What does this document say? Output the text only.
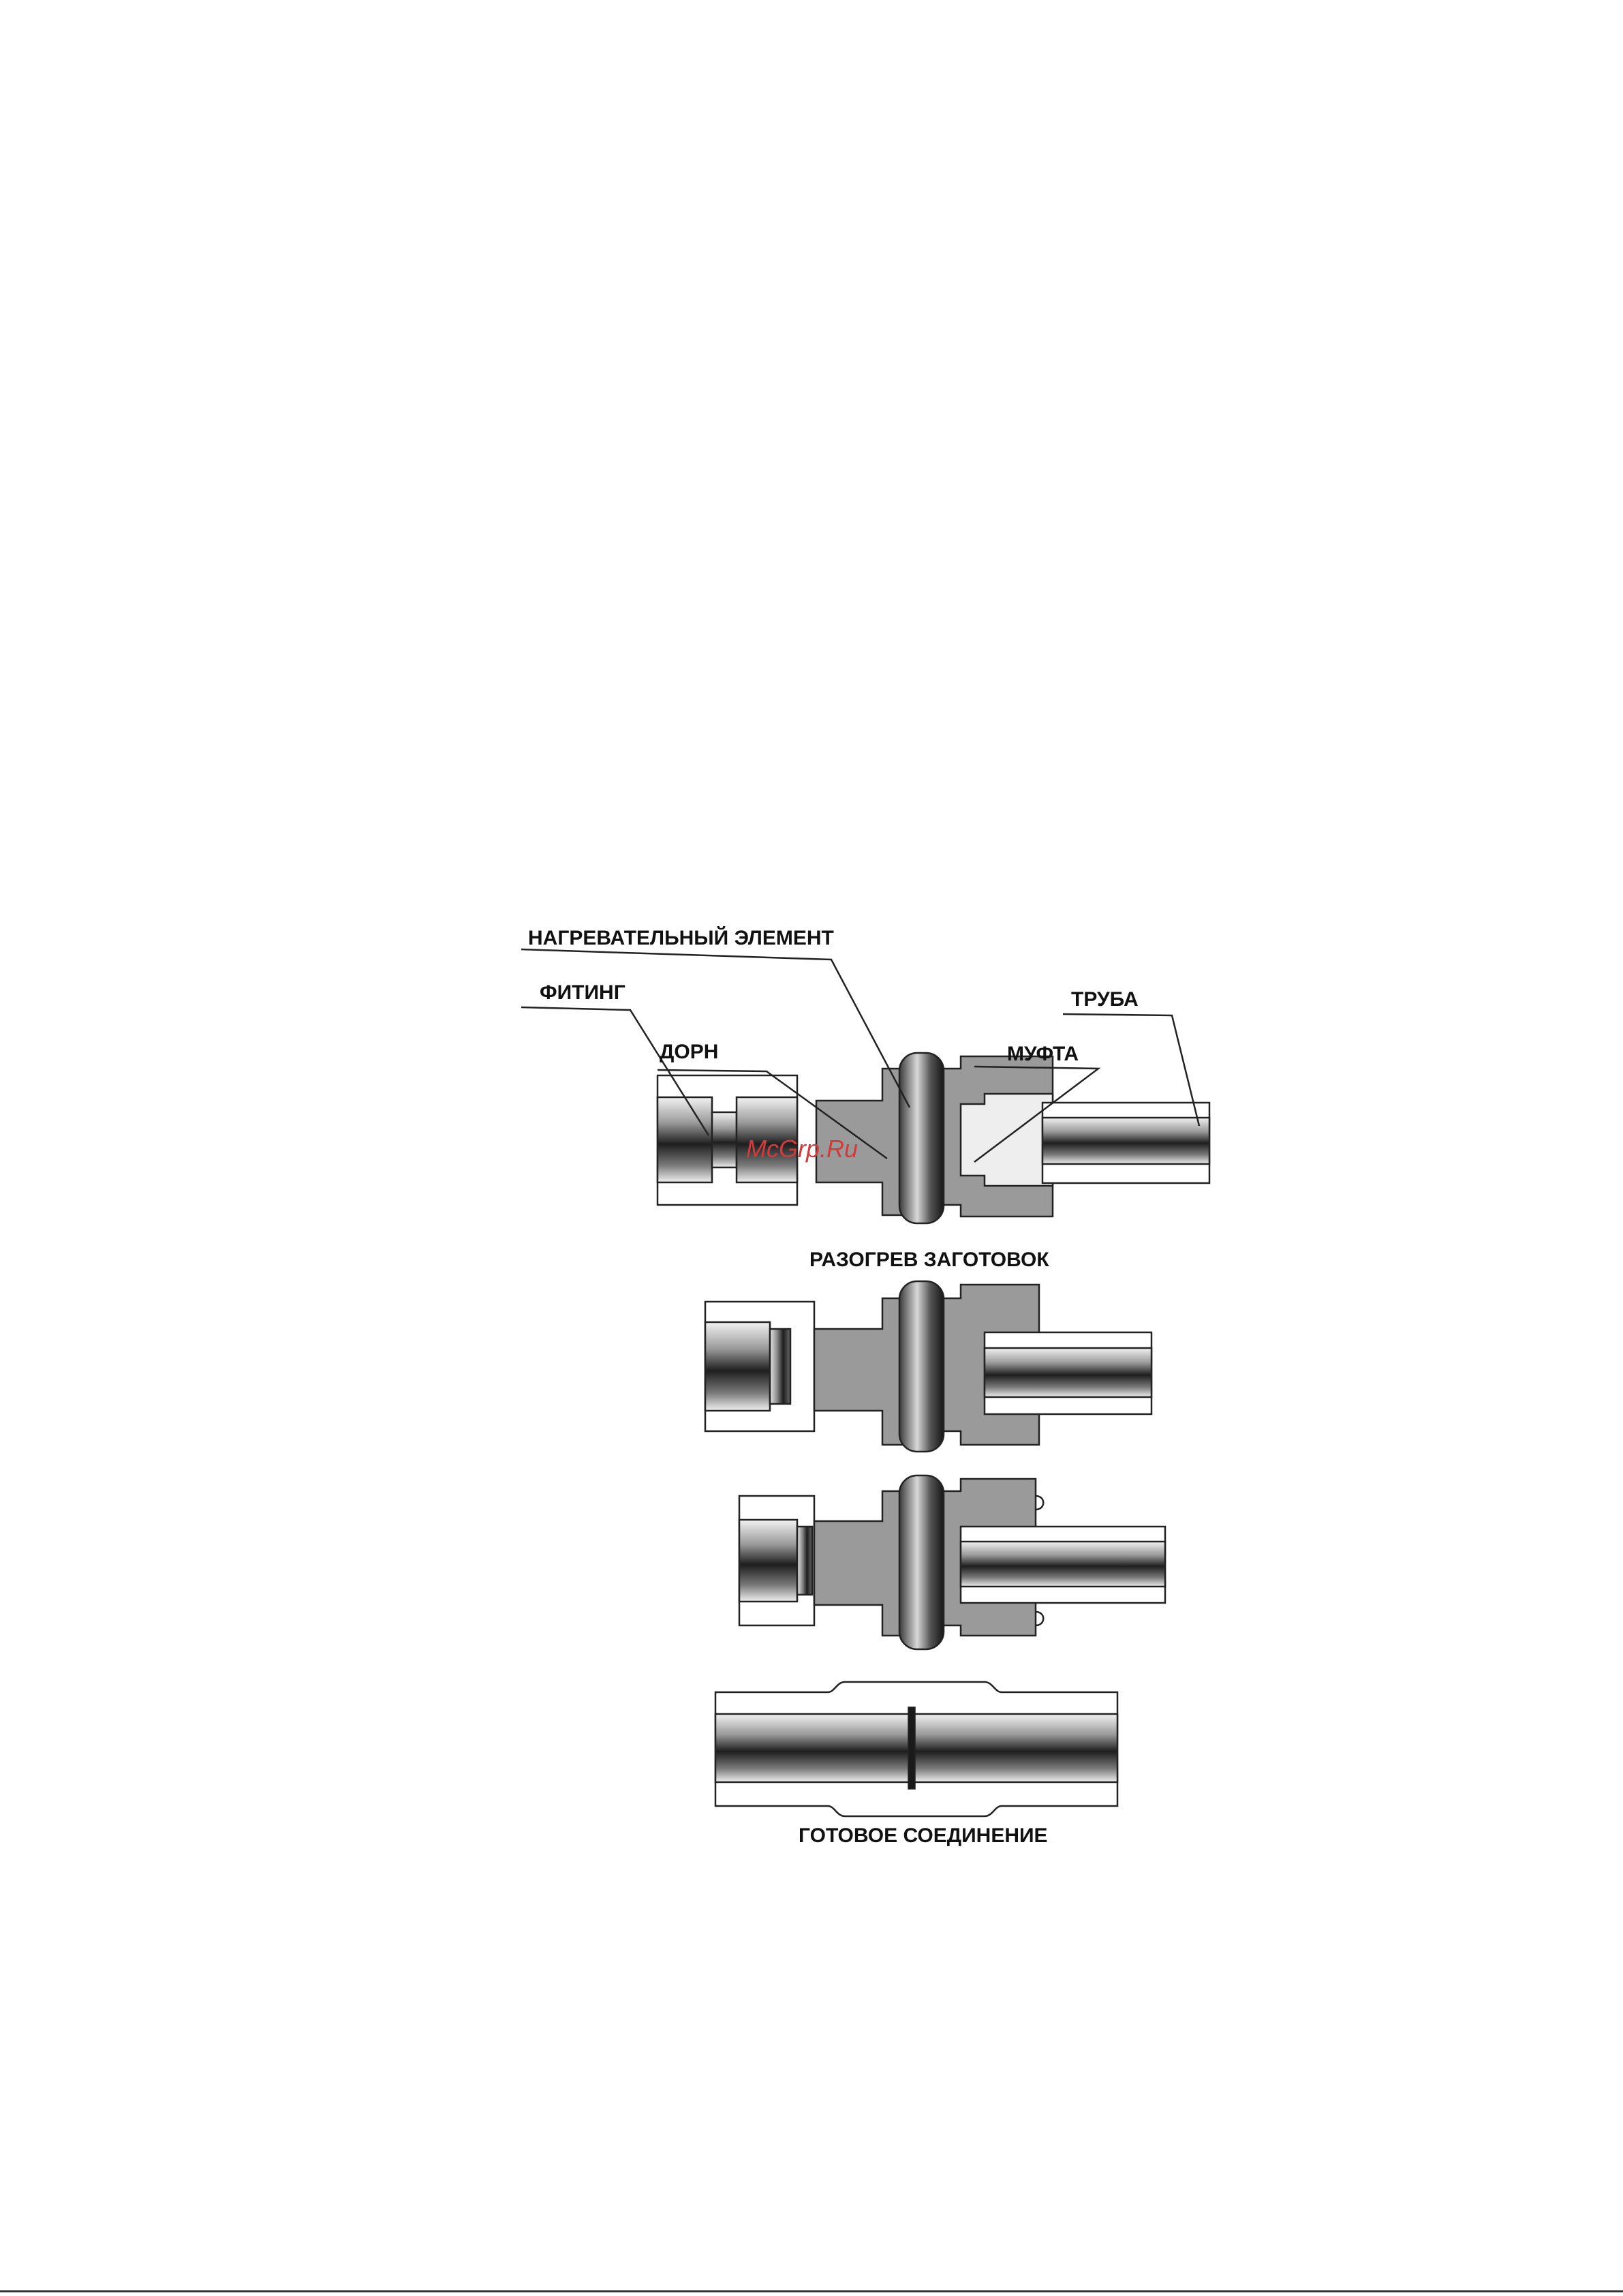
НАГРЕВАТЕЛЬНЫЙ ЭЛЕМЕНТ
ФИТИНГ
ДОРН	МУФТА
ТРУБА
McGrp.Ru
РАЗОГРЕВ ЗАГОТОВОК
ГОТОВОЕ СОЕДИНЕНИЕ
